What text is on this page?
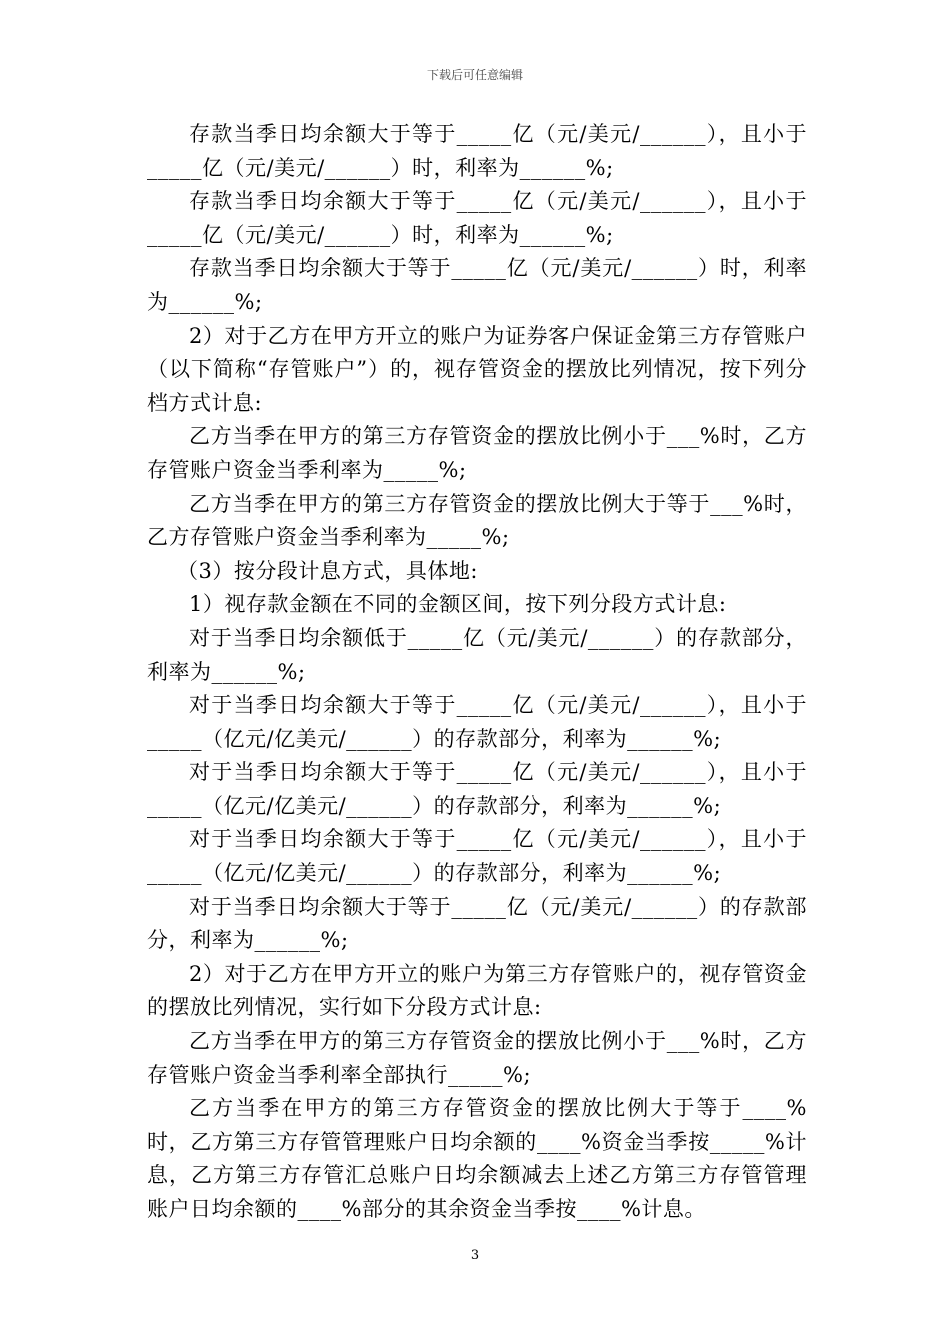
下载后可任意编辑

存款当季日均余额大于等于_____亿（元/美元/______），且小于_____亿（元/美元/______）时，利率为______%;

存款当季日均余额大于等于_____亿（元/美元/______），且小于_____亿（元/美元/______）时，利率为______%;

存款当季日均余额大于等于_____亿（元/美元/______）时，利率为______%;

2）对于乙方在甲方开立的账户为证券客户保证金第三方存管账户（以下简称“存管账户”）的，视存管资金的摆放比列情况，按下列分档方式计息:

乙方当季在甲方的第三方存管资金的摆放比例小于___%时，乙方存管账户资金当季利率为_____%;

乙方当季在甲方的第三方存管资金的摆放比例大于等于___%时，乙方存管账户资金当季利率为_____%;

（3）按分段计息方式，具体地:

1）视存款金额在不同的金额区间，按下列分段方式计息:

对于当季日均余额低于_____亿（元/美元/______）的存款部分，利率为______%;

对于当季日均余额大于等于_____亿（元/美元/______），且小于_____（亿元/亿美元/______）的存款部分，利率为______%;

对于当季日均余额大于等于_____亿（元/美元/______），且小于_____（亿元/亿美元/______）的存款部分，利率为______%;

对于当季日均余额大于等于_____亿（元/美元/______），且小于_____（亿元/亿美元/______）的存款部分，利率为______%;

对于当季日均余额大于等于_____亿（元/美元/______）的存款部分，利率为______%;

2）对于乙方在甲方开立的账户为第三方存管账户的，视存管资金的摆放比列情况，实行如下分段方式计息:

乙方当季在甲方的第三方存管资金的摆放比例小于___%时，乙方存管账户资金当季利率全部执行_____%;

乙方当季在甲方的第三方存管资金的摆放比例大于等于____%时，乙方第三方存管管理账户日均余额的____%资金当季按_____%计息，乙方第三方存管汇总账户日均余额减去上述乙方第三方存管管理账户日均余额的____%部分的其余资金当季按____%计息。

3
